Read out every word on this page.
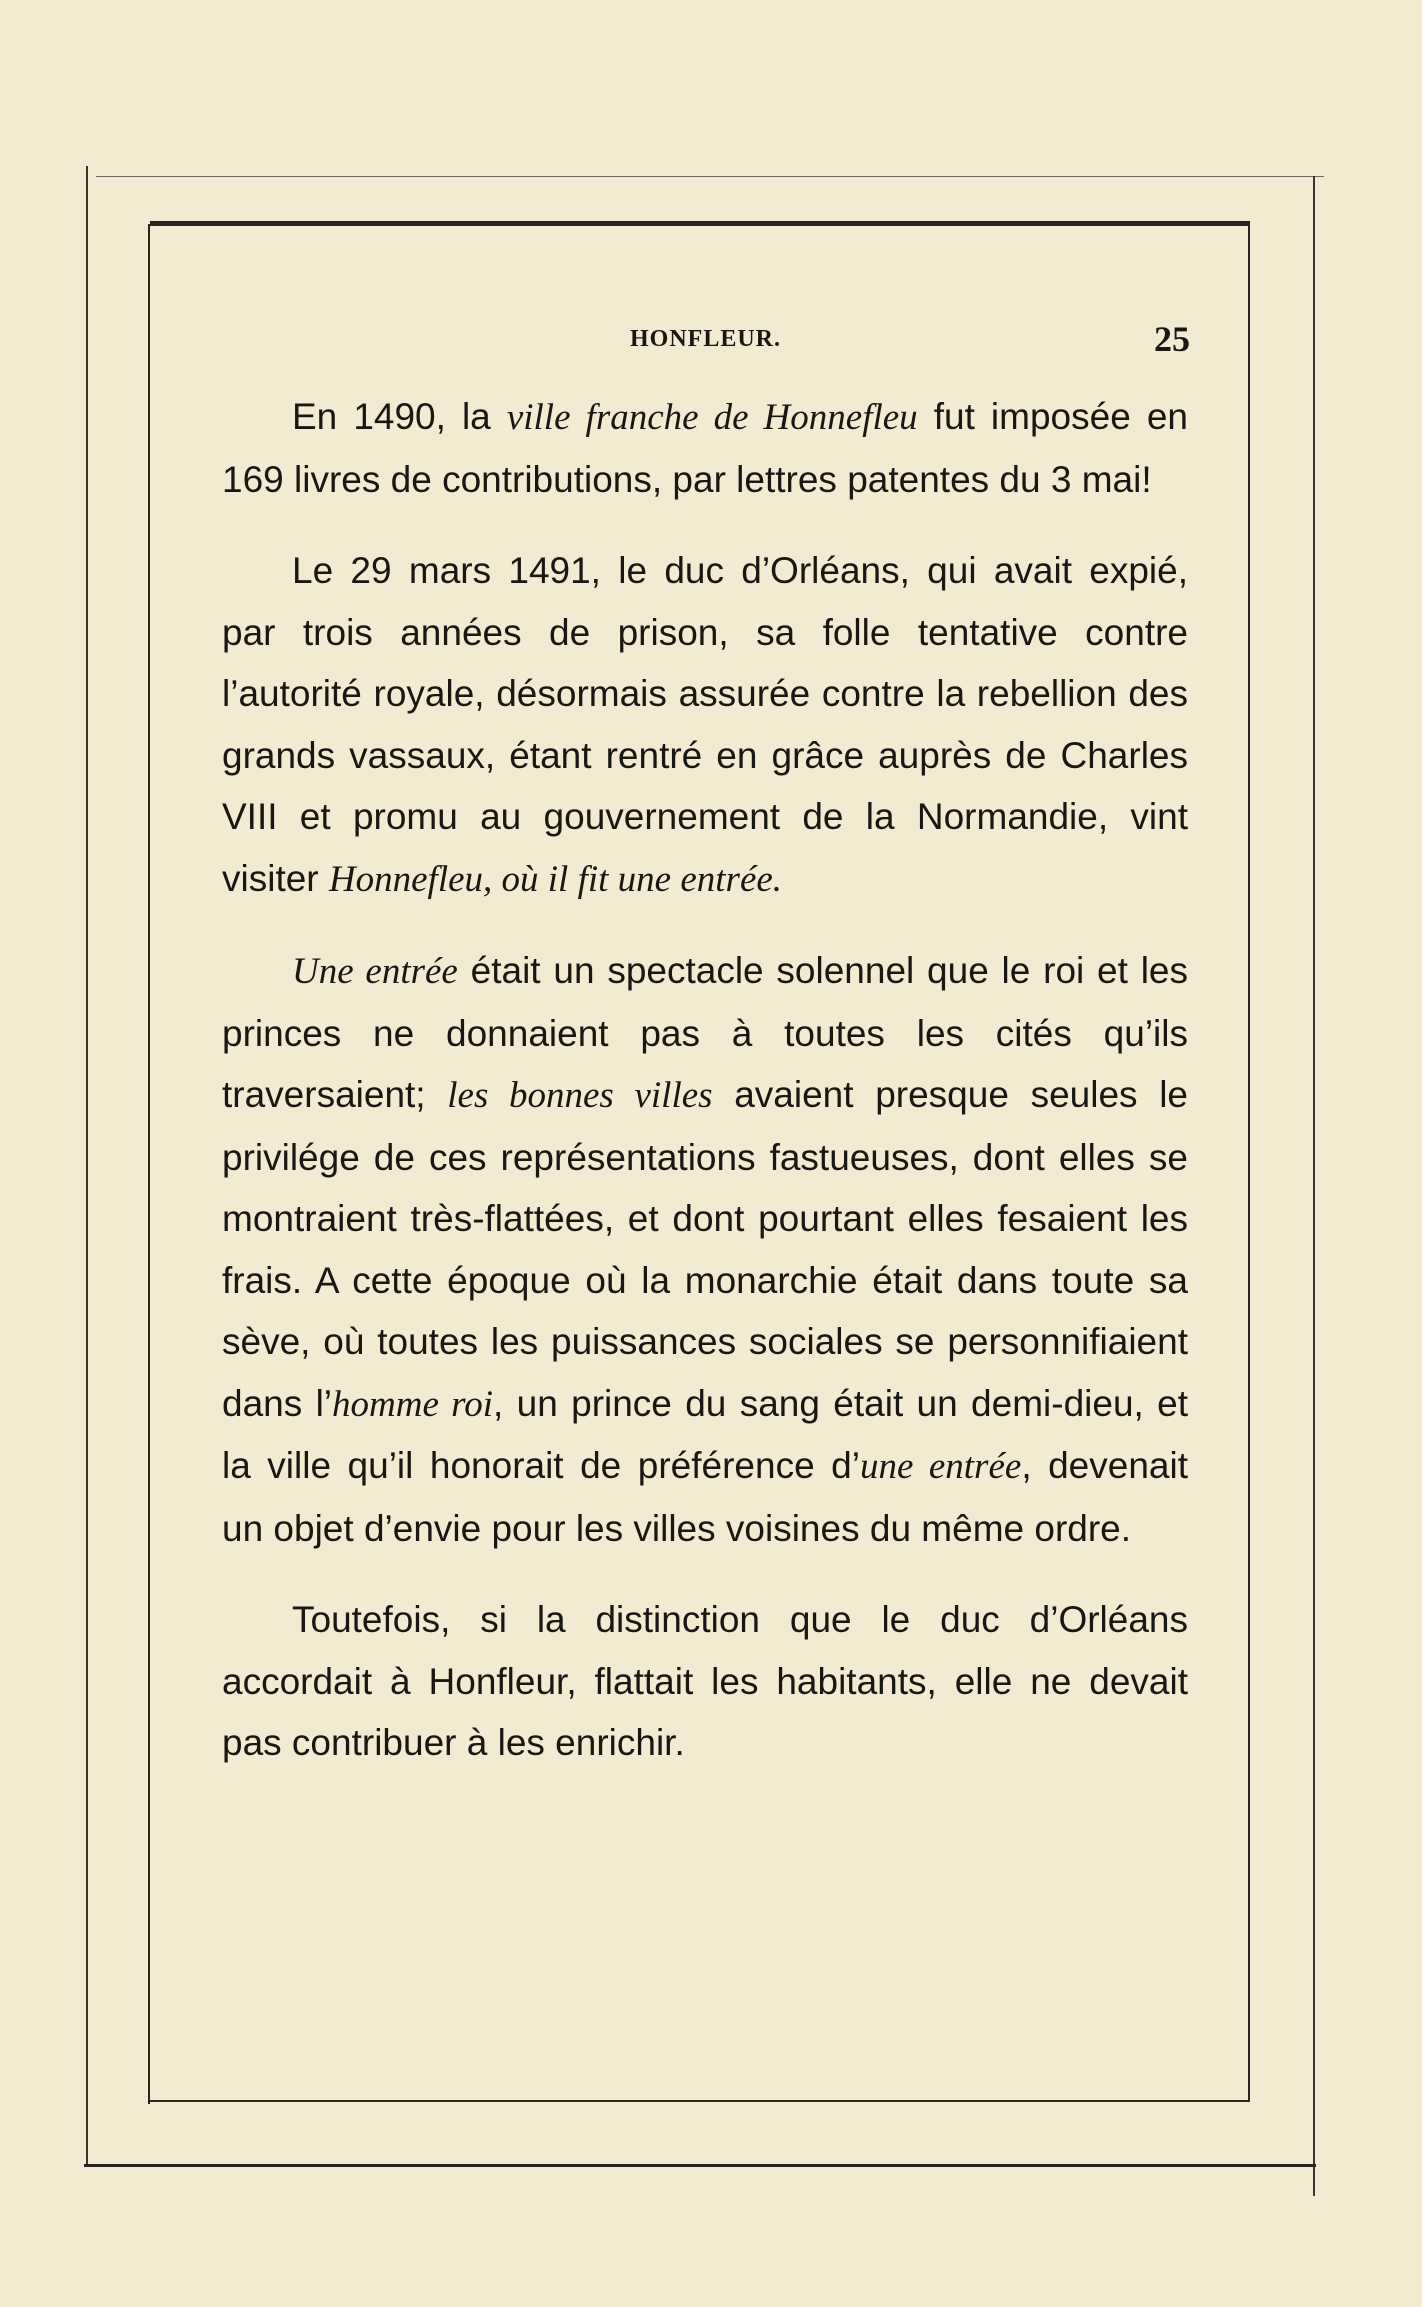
HONFLEUR.	25

En 1490, la ville franche de Honnefleu fut imposée en 169 livres de contributions, par lettres patentes du 3 mai!

Le 29 mars 1491, le duc d’Orléans, qui avait expié, par trois années de prison, sa folle tentative contre l’autorité royale, désormais assurée contre la rebellion des grands vassaux, étant rentré en grâce auprès de Charles VIII et promu au gouvernement de la Normandie, vint visiter Honnefleu, où il fit une entrée.

Une entrée était un spectacle solennel que le roi et les princes ne donnaient pas à toutes les cités qu’ils traversaient; les bonnes villes avaient presque seules le privilége de ces représentations fastueuses, dont elles se montraient très-flattées, et dont pourtant elles fesaient les frais. A cette époque où la monarchie était dans toute sa sève, où toutes les puissances sociales se personnifiaient dans l’homme roi, un prince du sang était un demi-dieu, et la ville qu’il honorait de préférence d’une entrée, devenait un objet d’envie pour les villes voisines du même ordre.

Toutefois, si la distinction que le duc d’Orléans accordait à Honfleur, flattait les habitants, elle ne devait pas contribuer à les enrichir.
